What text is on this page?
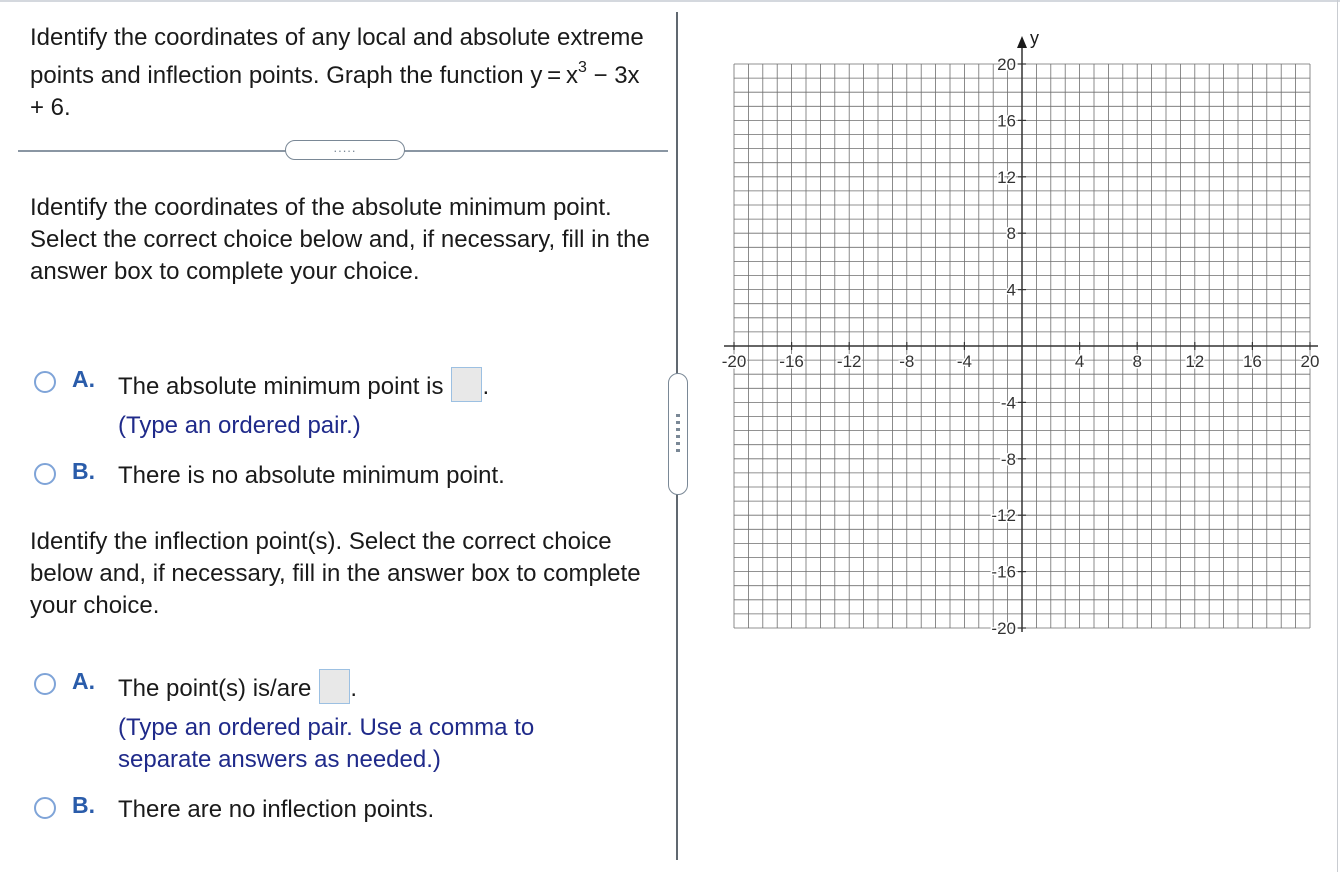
Identify the coordinates of any local and absolute extreme points and inflection points. Graph the function $y = x^3 - 3x + 6$.
.....
Identify the coordinates of the absolute minimum point. Select the correct choice below and, if necessary, fill in the answer box to complete your choice.
A. The absolute minimum point is .
(Type an ordered pair.)
B. There is no absolute minimum point.
Identify the inflection point(s). Select the correct choice below and, if necessary, fill in the answer box to complete your choice.
A. The point(s) is/are .
(Type an ordered pair. Use a comma to
separate answers as needed.)
B. There are no inflection points.
y
-20 -16 -12 -8 -4	4	8	12 16 20
20
16
12
8
4
-4
-8
-12
-16
-20
